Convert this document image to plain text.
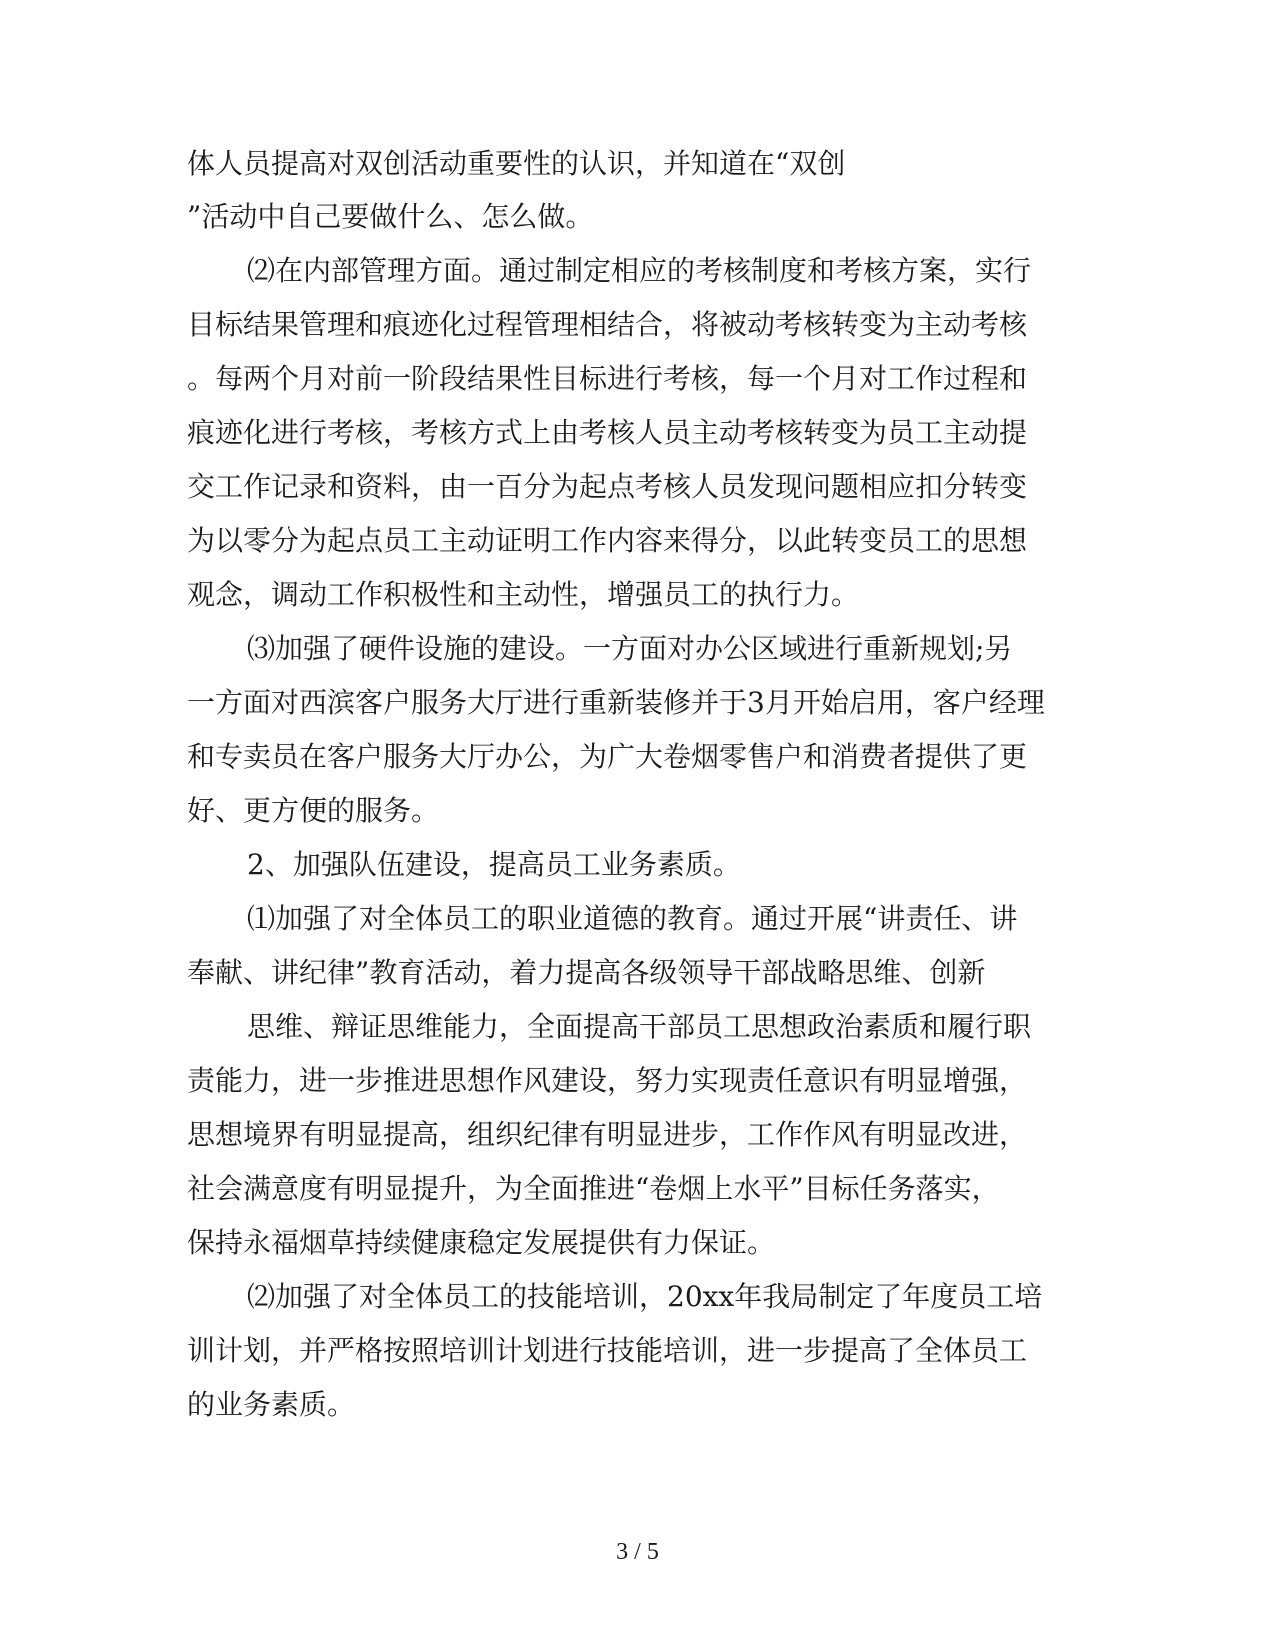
体人员提高对双创活动重要性的认识，并知道在“双创
”活动中自己要做什么、怎么做。
⑵在内部管理方面。通过制定相应的考核制度和考核方案，实行
目标结果管理和痕迹化过程管理相结合，将被动考核转变为主动考核
。每两个月对前一阶段结果性目标进行考核，每一个月对工作过程和
痕迹化进行考核，考核方式上由考核人员主动考核转变为员工主动提
交工作记录和资料，由一百分为起点考核人员发现问题相应扣分转变
为以零分为起点员工主动证明工作内容来得分，以此转变员工的思想
观念，调动工作积极性和主动性，增强员工的执行力。
⑶加强了硬件设施的建设。一方面对办公区域进行重新规划;另
一方面对西滨客户服务大厅进行重新装修并于3月开始启用，客户经理
和专卖员在客户服务大厅办公，为广大卷烟零售户和消费者提供了更
好、更方便的服务。
2、加强队伍建设，提高员工业务素质。
⑴加强了对全体员工的职业道德的教育。通过开展“讲责任、讲
奉献、讲纪律”教育活动，着力提高各级领导干部战略思维、创新
思维、辩证思维能力，全面提高干部员工思想政治素质和履行职
责能力，进一步推进思想作风建设，努力实现责任意识有明显增强，
思想境界有明显提高，组织纪律有明显进步，工作作风有明显改进，
社会满意度有明显提升，为全面推进“卷烟上水平”目标任务落实，
保持永福烟草持续健康稳定发展提供有力保证。
⑵加强了对全体员工的技能培训，20xx年我局制定了年度员工培
训计划，并严格按照培训计划进行技能培训，进一步提高了全体员工
的业务素质。
3 / 5
